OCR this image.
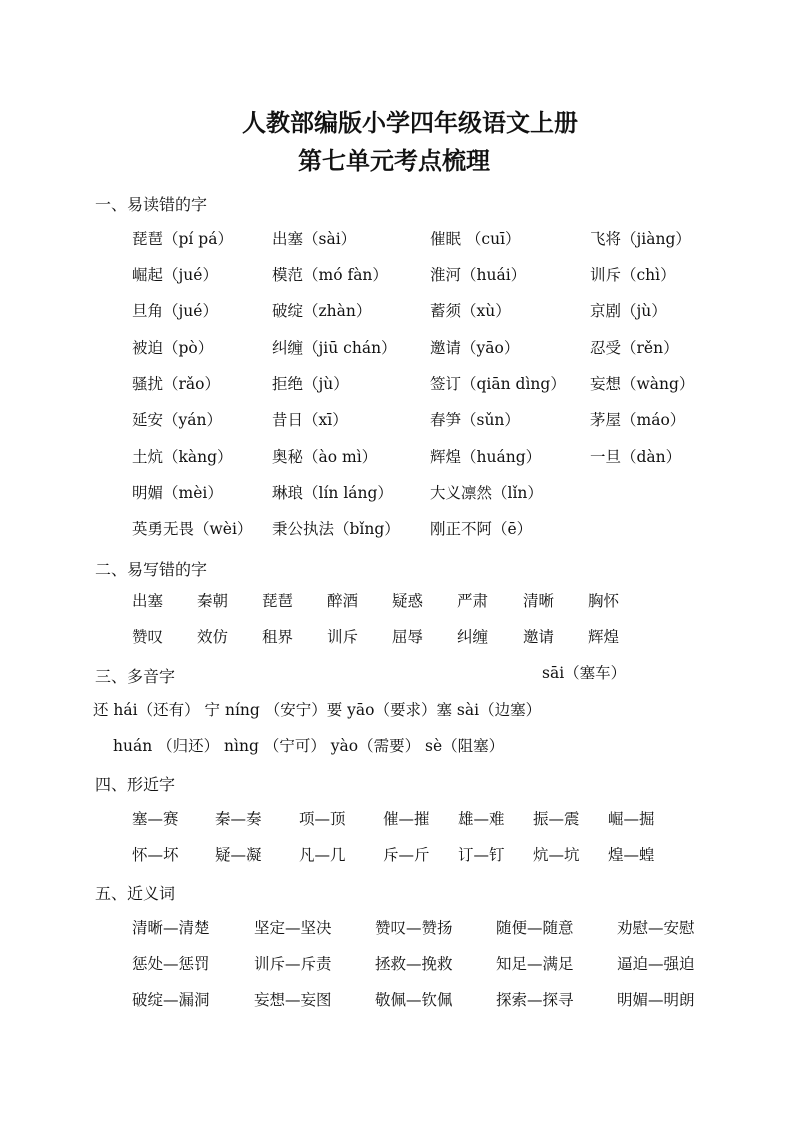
人教部编版小学四年级语文上册
第七单元考点梳理
一、易读错的字
琵琶（pí pá）	出塞（sài）	催眠 （cuī）	飞将（jiàng）
崛起（jué）	模范（mó fàn）	淮河（huái）	训斥（chì）
旦角（jué）	破绽（zhàn）	蓄须（xù）	京剧（jù）
被迫（pò）	纠缠（jiū chán） 邀请（yāo）	忍受（rěn）
骚扰（rǎo）	拒绝（jù）	签订（qiān dìng） 妄想（wàng）
延安（yán）	昔日（xī）	春笋（sǔn）	茅屋（máo）
土炕（kàng）	奥秘（ào mì）	辉煌（huáng）	一旦（dàn）
明媚（mèi）	琳琅（lín láng） 大义凛然（lǐn）
英勇无畏（wèi） 秉公执法（bǐng） 刚正不阿（ē）
二、易写错的字
出塞 秦朝 琵琶 醉酒 疑惑 严肃 清晰 胸怀
赞叹 效仿 租界 训斥 屈辱 纠缠 邀请 辉煌
三、多音字	sāi（塞车）
还 hái（还有） 宁 níng （安宁）要 yāo（要求）塞 sài（边塞）
huán （归还） nìng （宁可） yào（需要） sè（阻塞）
四、形近字
塞—赛 秦—奏 项—顶 催—摧 雄—难 振—震 崛—掘
怀—坏 疑—凝 凡—几 斥—斤 订—钉 炕—坑 煌—蝗
五、近义词
清晰—清楚	坚定—坚决	赞叹—赞扬	随便—随意	劝慰—安慰
惩处—惩罚	训斥—斥责	拯救—挽救	知足—满足	逼迫—强迫
破绽—漏洞	妄想—妄图	敬佩—钦佩	探索—探寻	明媚—明朗
